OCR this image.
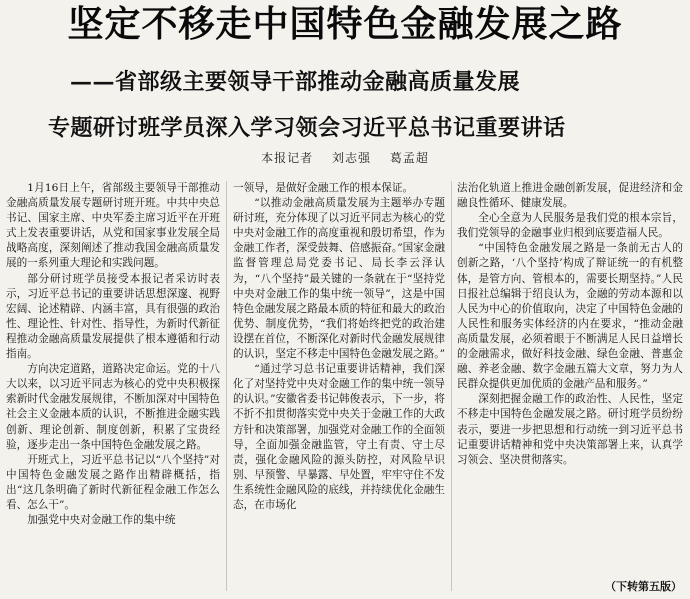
坚定不移走中国特色金融发展之路
——省部级主要领导干部推动金融高质量发展
专题研讨班学员深入学习领会习近平总书记重要讲话
本报记者 刘志强 葛孟超

1月16日上午，省部级主要领导干部推动金融高质量发展专题研讨班开班。中共中央总书记、国家主席、中央军委主席习近平在开班式上发表重要讲话，从党和国家事业发展全局战略高度，深刻阐述了推动我国金融高质量发展的一系列重大理论和实践问题。

部分研讨班学员接受本报记者采访时表示，习近平总书记的重要讲话思想深邃、视野宏阔、论述精辟、内涵丰富，具有很强的政治性、理论性、针对性、指导性，为新时代新征程推动金融高质量发展提供了根本遵循和行动指南。

方向决定道路，道路决定命运。党的十八大以来，以习近平同志为核心的党中央积极探索新时代金融发展规律，不断加深对中国特色社会主义金融本质的认识，不断推进金融实践创新、理论创新、制度创新，积累了宝贵经验，逐步走出一条中国特色金融发展之路。

开班式上，习近平总书记以“八个坚持”对中国特色金融发展之路作出精辟概括，指出“这几条明确了新时代新征程金融工作怎么看、怎么干”。

加强党中央对金融工作的集中统

一领导，是做好金融工作的根本保证。

“以推动金融高质量发展为主题举办专题研讨班，充分体现了以习近平同志为核心的党中央对金融工作的高度重视和殷切希望，作为金融工作者，深受鼓舞、倍感振奋。”国家金融监督管理总局党委书记、局长李云泽认为，“八个坚持”最关键的一条就在于“坚持党中央对金融工作的集中统一领导”，这是中国特色金融发展之路最本质的特征和最大的政治优势、制度优势，“我们将始终把党的政治建设摆在首位，不断深化对新时代金融发展规律的认识，坚定不移走中国特色金融发展之路。”

“通过学习总书记重要讲话精神，我们深化了对坚持党中央对金融工作的集中统一领导的认识。”安徽省委书记韩俊表示，下一步，将不折不扣贯彻落实党中央关于金融工作的大政方针和决策部署，加强党对金融工作的全面领导，全面加强金融监管，守土有责、守土尽责，强化金融风险的源头防控，对风险早识别、早预警、早暴露、早处置，牢牢守住不发生系统性金融风险的底线，并持续优化金融生态，在市场化

法治化轨道上推进金融创新发展，促进经济和金融良性循环、健康发展。

全心全意为人民服务是我们党的根本宗旨，我们党领导的金融事业归根到底要造福人民。

“中国特色金融发展之路是一条前无古人的创新之路，‘八个坚持’构成了辩证统一的有机整体，是管方向、管根本的，需要长期坚持。”人民日报社总编辑于绍良认为，金融的劳动本源和以人民为中心的价值取向，决定了中国特色金融的人民性和服务实体经济的内在要求，“推动金融高质量发展，必须着眼于不断满足人民日益增长的金融需求，做好科技金融、绿色金融、普惠金融、养老金融、数字金融五篇大文章，努力为人民群众提供更加优质的金融产品和服务。”

深刻把握金融工作的政治性、人民性，坚定不移走中国特色金融发展之路。研讨班学员纷纷表示，要进一步把思想和行动统一到习近平总书记重要讲话精神和党中央决策部署上来，认真学习领会、坚决贯彻落实。

（下转第五版）
